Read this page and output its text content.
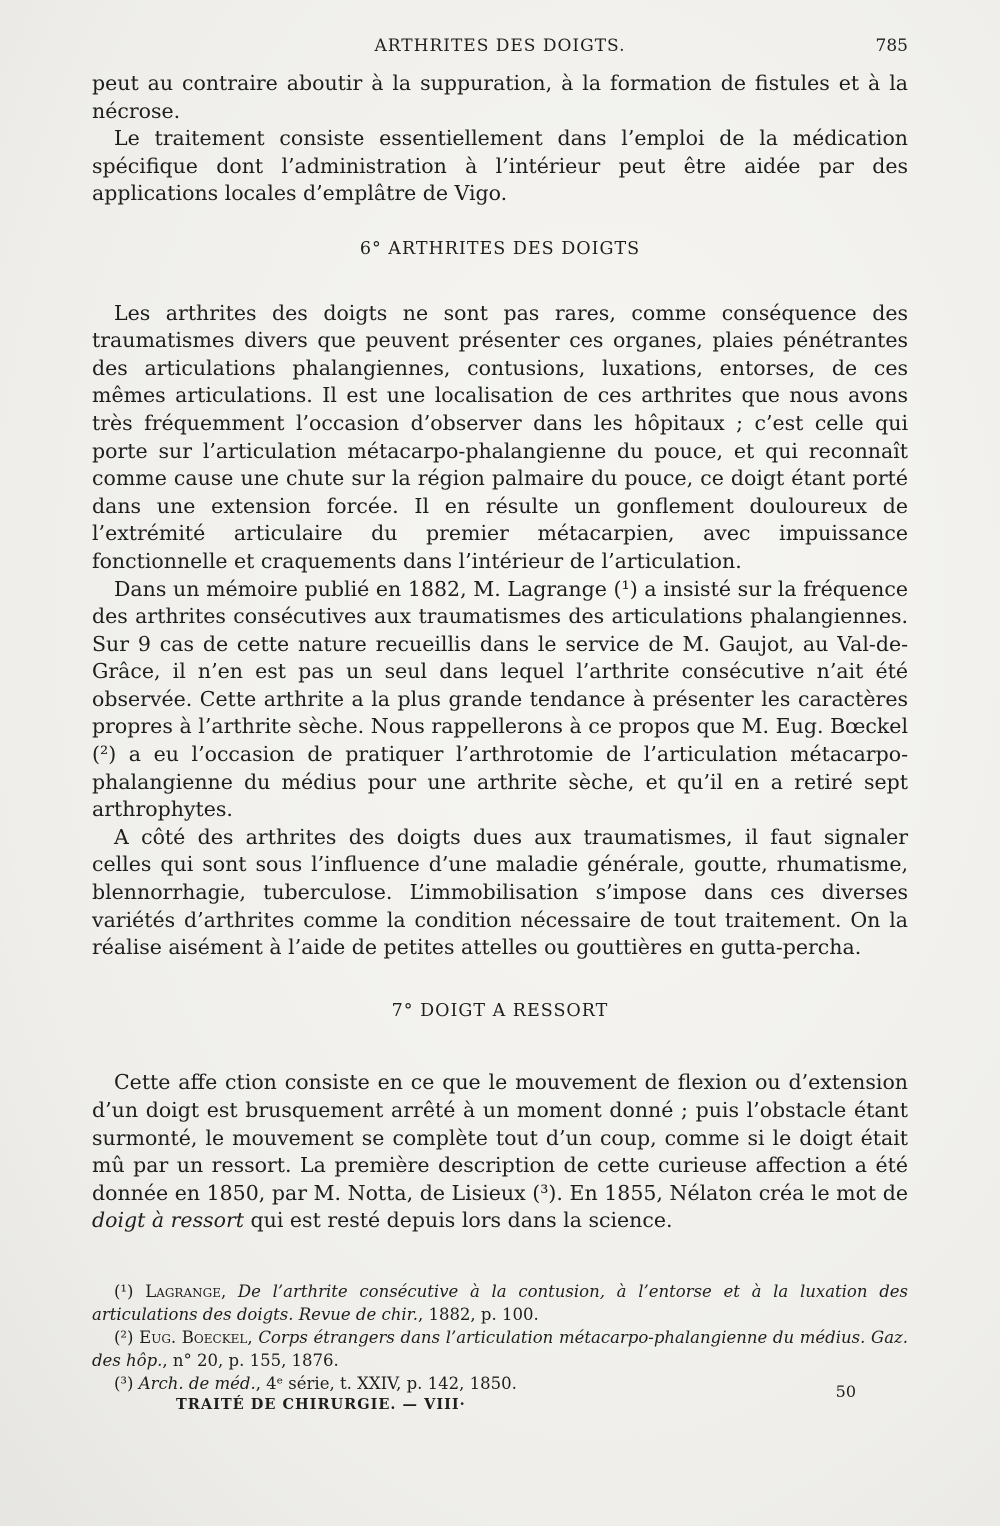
ARTHRITES DES DOIGTS.	785

peut au contraire aboutir à la suppuration, à la formation de fistules et à la nécrose.

Le traitement consiste essentiellement dans l’emploi de la médication spécifique dont l’administration à l’intérieur peut être aidée par des applications locales d’emplâtre de Vigo.

6° ARTHRITES DES DOIGTS

Les arthrites des doigts ne sont pas rares, comme conséquence des traumatismes divers que peuvent présenter ces organes, plaies pénétrantes des articulations phalangiennes, contusions, luxations, entorses, de ces mêmes articulations. Il est une localisation de ces arthrites que nous avons très fréquemment l’occasion d’observer dans les hôpitaux ; c’est celle qui porte sur l’articulation métacarpo-phalangienne du pouce, et qui reconnaît comme cause une chute sur la région palmaire du pouce, ce doigt étant porté dans une extension forcée. Il en résulte un gonflement douloureux de l’extrémité articulaire du premier métacarpien, avec impuissance fonctionnelle et craquements dans l’intérieur de l’articulation.

Dans un mémoire publié en 1882, M. Lagrange (¹) a insisté sur la fréquence des arthrites consécutives aux traumatismes des articulations phalangiennes. Sur 9 cas de cette nature recueillis dans le service de M. Gaujot, au Val-de-Grâce, il n’en est pas un seul dans lequel l’arthrite consécutive n’ait été observée. Cette arthrite a la plus grande tendance à présenter les caractères propres à l’arthrite sèche. Nous rappellerons à ce propos que M. Eug. Bœckel (²) a eu l’occasion de pratiquer l’arthrotomie de l’articulation métacarpo-phalangienne du médius pour une arthrite sèche, et qu’il en a retiré sept arthrophytes.

A côté des arthrites des doigts dues aux traumatismes, il faut signaler celles qui sont sous l’influence d’une maladie générale, goutte, rhumatisme, blennorrhagie, tuberculose. L’immobilisation s’impose dans ces diverses variétés d’arthrites comme la condition nécessaire de tout traitement. On la réalise aisément à l’aide de petites attelles ou gouttières en gutta-percha.

7° DOIGT A RESSORT

Cette affe ction consiste en ce que le mouvement de flexion ou d’extension d’un doigt est brusquement arrêté à un moment donné ; puis l’obstacle étant surmonté, le mouvement se complète tout d’un coup, comme si le doigt était mû par un ressort. La première description de cette curieuse affection a été donnée en 1850, par M. Notta, de Lisieux (³). En 1855, Nélaton créa le mot de doigt à ressort qui est resté depuis lors dans la science.

(¹) Lagrange, De l’arthrite consécutive à la contusion, à l’entorse et à la luxation des articulations des doigts. Revue de chir., 1882, p. 100.

(²) Eug. Boeckel, Corps étrangers dans l’articulation métacarpo-phalangienne du médius. Gaz. des hôp., n° 20, p. 155, 1876.

(³) Arch. de méd., 4ᵉ série, t. XXIV, p. 142, 1850.

TRAITÉ DE CHIRURGIE. — VIII·
50
